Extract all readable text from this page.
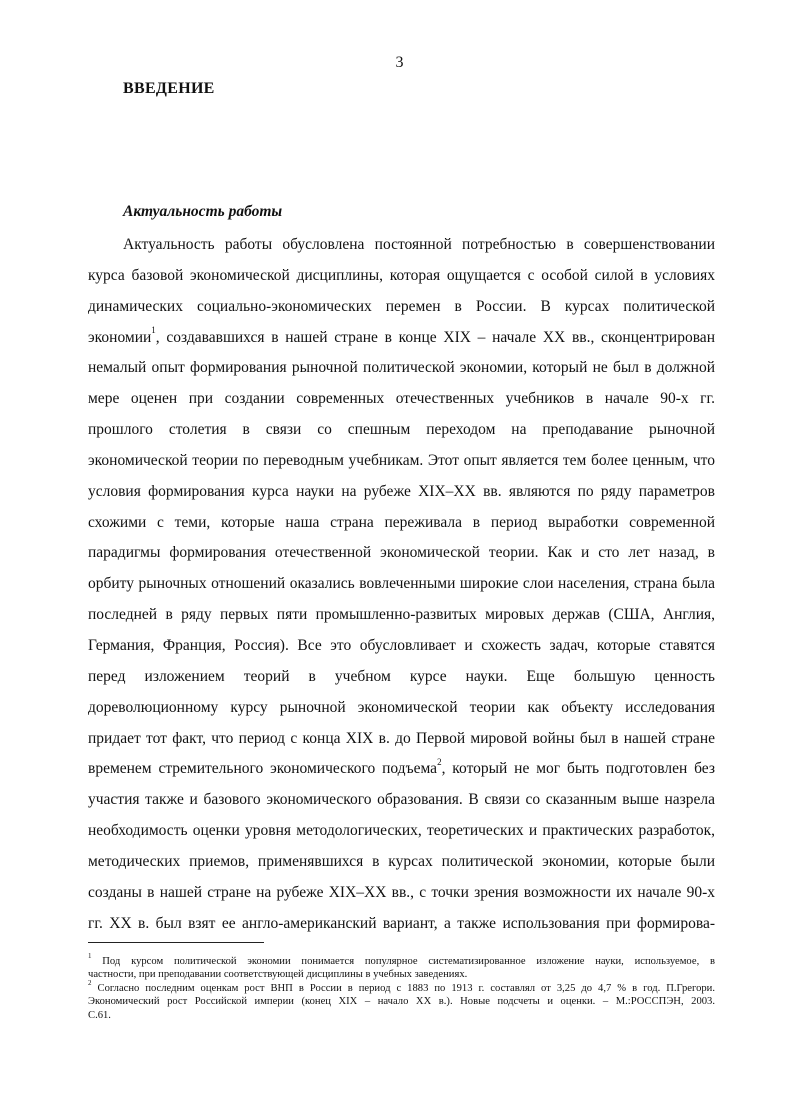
3
ВВЕДЕНИЕ
Актуальность работы
Актуальность работы обусловлена постоянной потребностью в совершенствовании
курса базовой экономической дисциплины, которая ощущается с особой силой в условиях
динамических социально-экономических перемен в России. В курсах политической
экономии$^1$, создававшихся в нашей стране в конце XIX – начале XX вв., сконцентрирован
немалый опыт формирования рыночной политической экономии, который не был в должной
мере оценен при создании современных отечественных учебников в начале 90-х гг.
прошлого столетия в связи со спешным переходом на преподавание рыночной
экономической теории по переводным учебникам. Этот опыт является тем более ценным, что
условия формирования курса науки на рубеже XIX–XX вв. являются по ряду параметров
схожими с теми, которые наша страна переживала в период выработки современной
парадигмы формирования отечественной экономической теории. Как и сто лет назад, в
орбиту рыночных отношений оказались вовлеченными широкие слои населения, страна была
последней в ряду первых пяти промышленно-развитых мировых держав (США, Англия,
Германия, Франция, Россия). Все это обусловливает и схожесть задач, которые ставятся
перед изложением теорий в учебном курсе науки. Еще большую ценность
дореволюционному курсу рыночной экономической теории как объекту исследования
придает тот факт, что период с конца XIX в. до Первой мировой войны был в нашей стране
временем стремительного экономического подъема$^2$, который не мог быть подготовлен без
участия также и базового экономического образования. В связи со сказанным выше назрела
необходимость оценки уровня методологических, теоретических и практических разработок,
методических приемов, применявшихся в курсах политической экономии, которые были
созданы в нашей стране на рубеже XIX–XX вв., с точки зрения возможности их начале 90-х
гг. XX в. был взят ее англо-американский вариант, а также использования при формирова-
$^1$ Под курсом политической экономии понимается популярное систематизированное изложение науки, используемое, в
частности, при преподавании соответствующей дисциплины в учебных заведениях.
$^2$ Согласно последним оценкам рост ВНП в России в период с 1883 по 1913 г. составлял от 3,25 до 4,7 % в год. П.Грегори.
Экономический рост Российской империи (конец XIX – начало XX в.). Новые подсчеты и оценки. – М.:РОССПЭН, 2003.
С.61.
